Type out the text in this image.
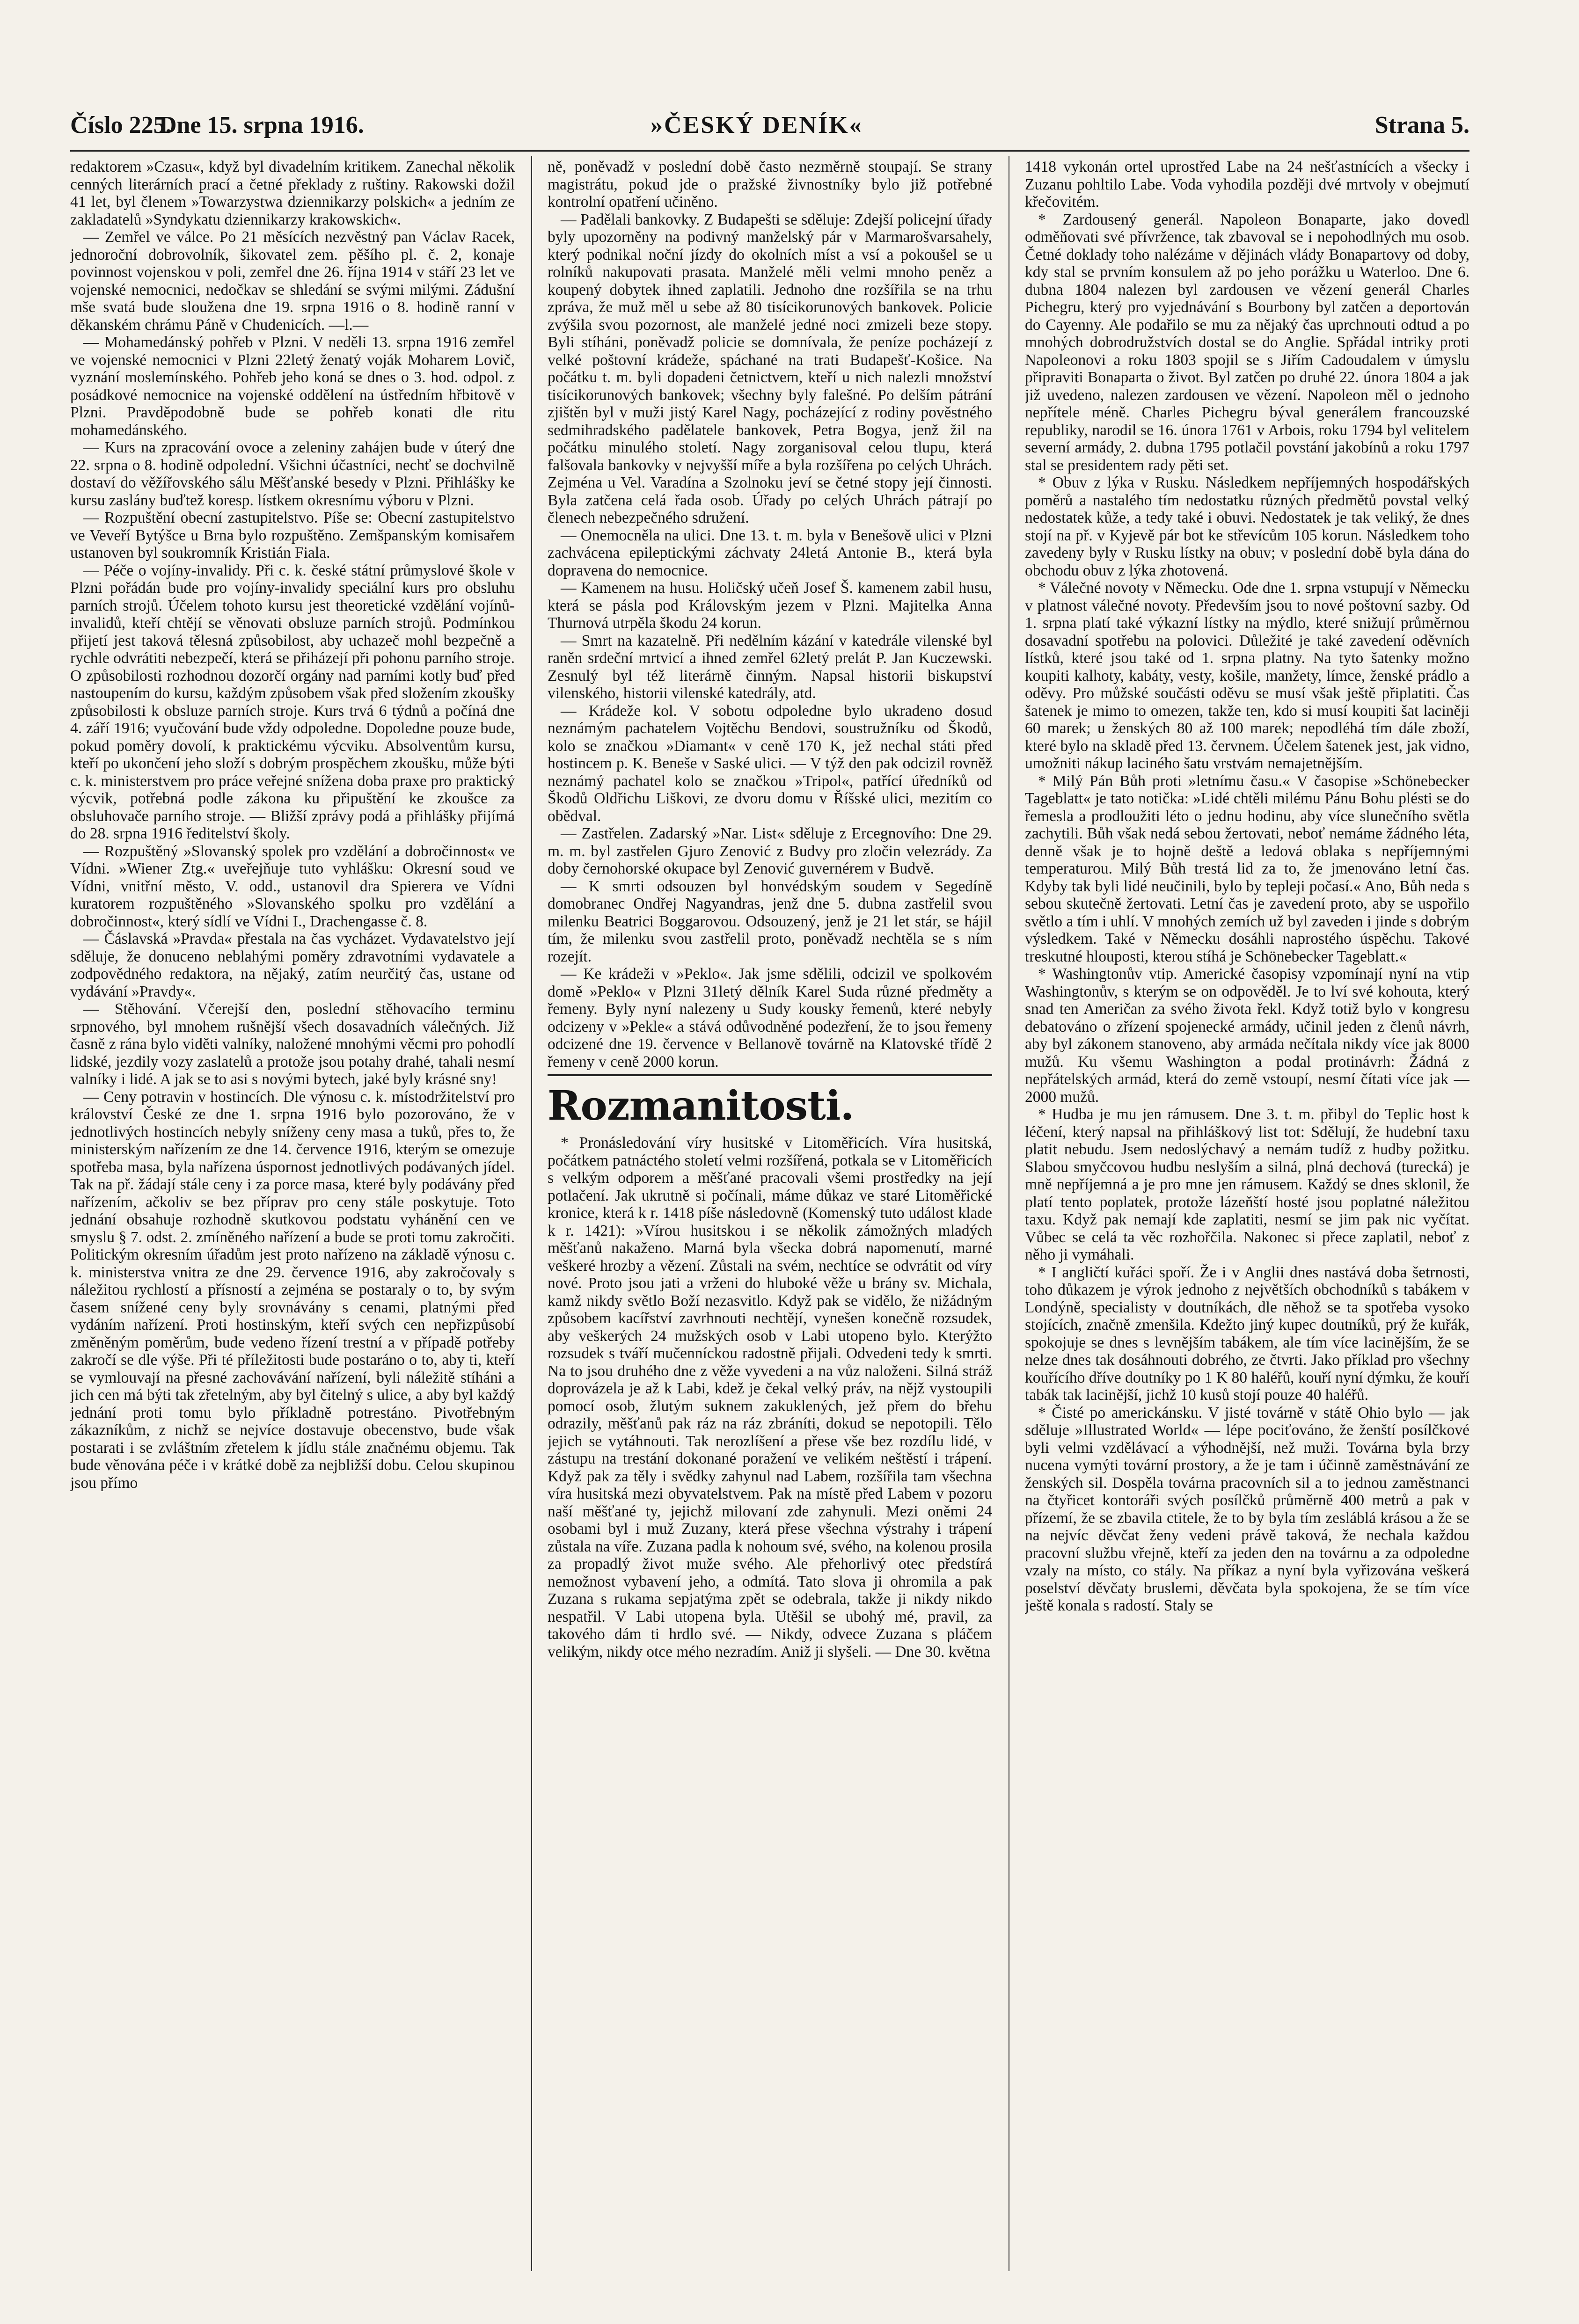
Číslo 225.
Dne 15. srpna 1916.	»ČESKÝ DENÍK«	Strana 5.

redaktorem »Czasu«, když byl divadelním kritikem. Zanechal několik cenných literárních prací a četné překlady z ruštiny. Rakowski dožil 41 let, byl členem »Towarzystwa dziennikarzy polskich« a jedním ze zakladatelů »Syndykatu dziennikarzy krakowskich«.

— Zemřel ve válce. Po 21 měsících nezvěstný pan Václav Racek, jednoroční dobrovolník, šikovatel zem. pěšího pl. č. 2, konaje povinnost vojenskou v poli, zemřel dne 26. října 1914 v stáří 23 let ve vojenské nemocnici, nedočkav se shledání se svými milými. Zádušní mše svatá bude sloužena dne 19. srpna 1916 o 8. hodině ranní v děkanském chrámu Páně v Chudenicích. —l.—

— Mohamedánský pohřeb v Plzni. V neděli 13. srpna 1916 zemřel ve vojenské nemocnici v Plzni 22letý ženatý voják Moharem Lovič, vyznání moslemínského. Pohřeb jeho koná se dnes o 3. hod. odpol. z posádkové nemocnice na vojenské oddělení na ústředním hřbitově v Plzni. Pravděpodobně bude se pohřeb konati dle ritu mohamedánského.

— Kurs na zpracování ovoce a zeleniny zahájen bude v úterý dne 22. srpna o 8. hodině odpolední. Všichni účastníci, nechť se dochvilně dostaví do věžířovského sálu Měšťanské besedy v Plzni. Přihlášky ke kursu zaslány buďtež koresp. lístkem okresnímu výboru v Plzni.

— Rozpuštění obecní zastupitelstvo. Píše se: Obecní zastupitelstvo ve Veveří Bytýšce u Brna bylo rozpuštěno. Zemšpanským komisařem ustanoven byl soukromník Kristián Fiala.

— Péče o vojíny-invalidy. Při c. k. české státní průmyslové škole v Plzni pořádán bude pro vojíny-invalidy speciální kurs pro obsluhu parních strojů. Účelem tohoto kursu jest theoretické vzdělání vojínů-invalidů, kteří chtějí se věnovati obsluze parních strojů. Podmínkou přijetí jest taková tělesná způsobilost, aby uchazeč mohl bezpečně a rychle odvrátiti nebezpečí, která se přiházejí při pohonu parního stroje. O způsobilosti rozhodnou dozorčí orgány nad parními kotly buď před nastoupením do kursu, každým způsobem však před složením zkoušky způsobilosti k obsluze parních stroje. Kurs trvá 6 týdnů a počíná dne 4. září 1916; vyučování bude vždy odpoledne. Dopoledne pouze bude, pokud poměry dovolí, k praktickému výcviku. Absolventům kursu, kteří po ukončení jeho složí s dobrým prospěchem zkoušku, může býti c. k. ministerstvem pro práce veřejné snížena doba praxe pro praktický výcvik, potřebná podle zákona ku připuštění ke zkoušce za obsluhovače parního stroje. — Bližší zprávy podá a přihlášky přijímá do 28. srpna 1916 ředitelství školy.

— Rozpuštěný »Slovanský spolek pro vzdělání a dobročinnost« ve Vídni. »Wiener Ztg.« uveřejňuje tuto vyhlášku: Okresní soud ve Vídni, vnitřní město, V. odd., ustanovil dra Spierera ve Vídni kuratorem rozpuštěného »Slovanského spolku pro vzdělání a dobročinnost«, který sídlí ve Vídni I., Drachengasse č. 8.

— Čáslavská »Pravda« přestala na čas vycházet. Vydavatelstvo její sděluje, že donuceno neblahými poměry zdravotními vydavatele a zodpovědného redaktora, na nějaký, zatím neurčitý čas, ustane od vydávání »Pravdy«.

— Stěhování. Včerejší den, poslední stěhovacího terminu srpnového, byl mnohem rušnější všech dosavadních válečných. Již časně z rána bylo viděti valníky, naložené mnohými věcmi pro pohodlí lidské, jezdily vozy zaslatelů a protože jsou potahy drahé, tahali nesmí valníky i lidé. A jak se to asi s novými bytech, jaké byly krásné sny!

— Ceny potravin v hostincích. Dle výnosu c. k. místodržitelství pro království České ze dne 1. srpna 1916 bylo pozorováno, že v jednotlivých hostincích nebyly sníženy ceny masa a tuků, přes to, že ministerským nařízením ze dne 14. července 1916, kterým se omezuje spotřeba masa, byla nařízena úspornost jednotlivých podávaných jídel. Tak na př. žádají stále ceny i za porce masa, které byly podávány před nařízením, ačkoliv se bez příprav pro ceny stále poskytuje. Toto jednání obsahuje rozhodně skutkovou podstatu vyhánění cen ve smyslu § 7. odst. 2. zmíněného nařízení a bude se proti tomu zakročiti. Politickým okresním úřadům jest proto nařízeno na základě výnosu c. k. ministerstva vnitra ze dne 29. července 1916, aby zakročovaly s náležitou rychlostí a přísností a zejména se postaraly o to, by svým časem snížené ceny byly srovnávány s cenami, platnými před vydáním nařízení. Proti hostinským, kteří svých cen nepřizpůsobí změněným poměrům, bude vedeno řízení trestní a v případě potřeby zakročí se dle výše. Při té příležitosti bude postaráno o to, aby ti, kteří se vymlouvají na přesné zachovávání nařízení, byli náležitě stíháni a jich cen má býti tak zřetelným, aby byl čitelný s ulice, a aby byl každý jednání proti tomu bylo příkladně potrestáno. Pivotřebným zákazníkům, z nichž se nejvíce dostavuje obecenstvo, bude však postarati i se zvláštním zřetelem k jídlu stále značnému objemu. Tak bude věnována péče i v krátké době za nejbližší dobu. Celou skupinou jsou přímo

ně, poněvadž v poslední době často nezměrně stoupají. Se strany magistrátu, pokud jde o pražské živnostníky bylo již potřebné kontrolní opatření učiněno.

— Padělali bankovky. Z Budapešti se sděluje: Zdejší policejní úřady byly upozorněny na podivný manželský pár v Marmarošvarsahely, který podnikal noční jízdy do okolních míst a vsí a pokoušel se u rolníků nakupovati prasata. Manželé měli velmi mnoho peněz a koupený dobytek ihned zaplatili. Jednoho dne rozšířila se na trhu zpráva, že muž měl u sebe až 80 tisícikorunových bankovek. Policie zvýšila svou pozornost, ale manželé jedné noci zmizeli beze stopy. Byli stíháni, poněvadž policie se domnívala, že peníze pocházejí z velké poštovní krádeže, spáchané na trati Budapešť-Košice. Na počátku t. m. byli dopadeni četnictvem, kteří u nich nalezli množství tisícikorunových bankovek; všechny byly falešné. Po delším pátrání zjištěn byl v muži jistý Karel Nagy, pocházející z rodiny pověstného sedmihradského padělatele bankovek, Petra Bogya, jenž žil na počátku minulého století. Nagy zorganisoval celou tlupu, která falšovala bankovky v nejvyšší míře a byla rozšířena po celých Uhrách. Zejména u Vel. Varadína a Szolnoku jeví se četné stopy její činnosti. Byla zatčena celá řada osob. Úřady po celých Uhrách pátrají po členech nebezpečného sdružení.

— Onemocněla na ulici. Dne 13. t. m. byla v Benešově ulici v Plzni zachvácena epileptickými záchvaty 24letá Antonie B., která byla dopravena do nemocnice.

— Kamenem na husu. Holičský učeň Josef Š. kamenem zabil husu, která se pásla pod Královským jezem v Plzni. Majitelka Anna Thurnová utrpěla škodu 24 korun.

— Smrt na kazatelně. Při nedělním kázání v katedrále vilenské byl raněn srdeční mrtvicí a ihned zemřel 62letý prelát P. Jan Kuczewski. Zesnulý byl též literárně činným. Napsal historii biskupství vilenského, historii vilenské katedrály, atd.

— Krádeže kol. V sobotu odpoledne bylo ukradeno dosud neznámým pachatelem Vojtěchu Bendovi, soustružníku od Škodů, kolo se značkou »Diamant« v ceně 170 K, jež nechal státi před hostincem p. K. Beneše v Saské ulici. — V týž den pak odcizil rovněž neznámý pachatel kolo se značkou »Tripol«, patřící úředníků od Škodů Oldřichu Liškovi, ze dvoru domu v Říšské ulici, mezitím co obědval.

— Zastřelen. Zadarský »Nar. List« sděluje z Ercegnovího: Dne 29. m. m. byl zastřelen Gjuro Zenović z Budvy pro zločin velezrády. Za doby černohorské okupace byl Zenović guvernérem v Budvě.

— K smrti odsouzen byl honvédským soudem v Segedíně domobranec Ondřej Nagyandras, jenž dne 5. dubna zastřelil svou milenku Beatrici Boggarovou. Odsouzený, jenž je 21 let stár, se hájil tím, že milenku svou zastřelil proto, poněvadž nechtěla se s ním rozejít.

— Ke krádeži v »Peklo«. Jak jsme sdělili, odcizil ve spolkovém domě »Peklo« v Plzni 31letý dělník Karel Suda různé předměty a řemeny. Byly nyní nalezeny u Sudy kousky řemenů, které nebyly odcizeny v »Pekle« a stává odůvodněné podezření, že to jsou řemeny odcizené dne 19. července v Bellanově továrně na Klatovské třídě 2 řemeny v ceně 2000 korun.

Rozmanitosti.

* Pronásledování víry husitské v Litoměřicích. Víra husitská, počátkem patnáctého století velmi rozšířená, potkala se v Litoměřicích s velkým odporem a měšťané pracovali všemi prostředky na její potlačení. Jak ukrutně si počínali, máme důkaz ve staré Litoměřické kronice, která k r. 1418 píše následovně (Komenský tuto událost klade k r. 1421): »Vírou husitskou i se několik zámožných mladých měšťanů nakaženo. Marná byla všecka dobrá napomenutí, marné veškeré hrozby a vězení. Zůstali na svém, nechtíce se odvrátit od víry nové. Proto jsou jati a vrženi do hluboké věže u brány sv. Michala, kamž nikdy světlo Boží nezasvitlo. Když pak se vidělo, že nižádným způsobem kacířství zavrhnouti nechtějí, vynešen konečně rozsudek, aby veškerých 24 mužských osob v Labi utopeno bylo. Kterýžto rozsudek s tváří mučenníckou radostně přijali. Odvedeni tedy k smrti. Na to jsou druhého dne z věže vyvedeni a na vůz naloženi. Silná stráž doprovázela je až k Labi, kdež je čekal velký práv, na nějž vystoupili pomocí osob, žlutým suknem zakuklených, jež přem do břehu odrazily, měšťanů pak ráz na ráz zbráníti, dokud se nepotopili. Tělo jejich se vytáhnouti. Tak nerozlíšení a přese vše bez rozdílu lidé, v zástupu na trestání dokonané poražení ve velikém neštěstí i trápení. Když pak za těly i svědky zahynul nad Labem, rozšířila tam všechna víra husitská mezi obyvatelstvem. Pak na místě před Labem v pozoru naší měšťané ty, jejichž milovaní zde zahynuli. Mezi oněmi 24 osobami byl i muž Zuzany, která přese všechna výstrahy i trápení zůstala na víře. Zuzana padla k nohoum své, svého, na kolenou prosila za propadlý život muže svého. Ale přehorlivý otec předstírá nemožnost vybavení jeho, a odmítá. Tato slova ji ohromila a pak Zuzana s rukama sepjatýma zpět se odebrala, takže ji nikdy nikdo nespatřil. V Labi utopena byla. Utěšil se ubohý mé, pravil, za takového dám ti hrdlo své. — Nikdy, odvece Zuzana s pláčem velikým, nikdy otce mého nezradím. Aniž ji slyšeli. — Dne 30. května

1418 vykonán ortel uprostřed Labe na 24 nešťastnících a všecky i Zuzanu pohltilo Labe. Voda vyhodila později dvé mrtvoly v obejmutí křečovitém.

* Zardousený generál. Napoleon Bonaparte, jako dovedl odměňovati své přívržence, tak zbavoval se i nepohodlných mu osob. Četné doklady toho nalézáme v dějinách vlády Bonapartovy od doby, kdy stal se prvním konsulem až po jeho porážku u Waterloo. Dne 6. dubna 1804 nalezen byl zardousen ve vězení generál Charles Pichegru, který pro vyjednávání s Bourbony byl zatčen a deportován do Cayenny. Ale podařilo se mu za nějaký čas uprchnouti odtud a po mnohých dobrodružstvích dostal se do Anglie. Spřádal intriky proti Napoleonovi a roku 1803 spojil se s Jiřím Cadoudalem v úmyslu připraviti Bonaparta o život. Byl zatčen po druhé 22. února 1804 a jak již uvedeno, nalezen zardousen ve vězení. Napoleon měl o jednoho nepřítele méně. Charles Pichegru býval generálem francouzské republiky, narodil se 16. února 1761 v Arbois, roku 1794 byl velitelem severní armády, 2. dubna 1795 potlačil povstání jakobínů a roku 1797 stal se presidentem rady pěti set.

* Obuv z lýka v Rusku. Následkem nepříjemných hospodářských poměrů a nastalého tím nedostatku různých předmětů povstal velký nedostatek kůže, a tedy také i obuvi. Nedostatek je tak veliký, že dnes stojí na př. v Kyjevě pár bot ke střevícům 105 korun. Následkem toho zavedeny byly v Rusku lístky na obuv; v poslední době byla dána do obchodu obuv z lýka zhotovená.

* Válečné novoty v Německu. Ode dne 1. srpna vstupují v Německu v platnost válečné novoty. Především jsou to nové poštovní sazby. Od 1. srpna platí také výkazní lístky na mýdlo, které snižují průměrnou dosavadní spotřebu na polovici. Důležité je také zavedení oděvních lístků, které jsou také od 1. srpna platny. Na tyto šatenky možno koupiti kalhoty, kabáty, vesty, košile, manžety, límce, ženské prádlo a oděvy. Pro můžské součásti oděvu se musí však ještě připlatiti. Čas šatenek je mimo to omezen, takže ten, kdo si musí koupiti šat laciněji 60 marek; u ženských 80 až 100 marek; nepodléhá tím dále zboží, které bylo na skladě před 13. červnem. Účelem šatenek jest, jak vidno, umožniti nákup laciného šatu vrstvám nemajetnějším.

* Milý Pán Bůh proti »letnímu času.« V časopise »Schönebecker Tageblatt« je tato notička: »Lidé chtěli milému Pánu Bohu plésti se do řemesla a prodloužiti léto o jednu hodinu, aby více slunečního světla zachytili. Bůh však nedá sebou žertovati, neboť nemáme žádného léta, denně však je to hojně deště a ledová oblaka s nepříjemnými temperaturou. Milý Bůh trestá lid za to, že jmenováno letní čas. Kdyby tak byli lidé neučinili, bylo by tepleji počasí.« Ano, Bůh neda s sebou skutečně žertovati. Letní čas je zavedení proto, aby se uspořilo světlo a tím i uhlí. V mnohých zemích už byl zaveden i jinde s dobrým výsledkem. Také v Německu dosáhli naprostého úspěchu. Takové treskutné hlouposti, kterou stíhá je Schönebecker Tageblatt.«

* Washingtonův vtip. Americké časopisy vzpomínají nyní na vtip Washingtonův, s kterým se on odpověděl. Je to lví své kohouta, který snad ten Američan za svého života řekl. Když totiž bylo v kongresu debatováno o zřízení spojenecké armády, učinil jeden z členů návrh, aby byl zákonem stanoveno, aby armáda nečítala nikdy více jak 8000 mužů. Ku všemu Washington a podal protinávrh: Žádná z nepřátelských armád, která do země vstoupí, nesmí čítati více jak — 2000 mužů.

* Hudba je mu jen rámusem. Dne 3. t. m. přibyl do Teplic host k léčení, který napsal na přihláškový list tot: Sdělují, že hudební taxu platit nebudu. Jsem nedoslýchavý a nemám tudíž z hudby požitku. Slabou smyčcovou hudbu neslyším a silná, plná dechová (turecká) je mně nepříjemná a je pro mne jen rámusem. Každý se dnes sklonil, že platí tento poplatek, protože lázeňští hosté jsou poplatné náležitou taxu. Když pak nemají kde zaplatiti, nesmí se jim pak nic vyčítat. Vůbec se celá ta věc rozhořčila. Nakonec si přece zaplatil, neboť z něho ji vymáhali.

* I angličtí kuřáci spoří. Že i v Anglii dnes nastává doba šetrnosti, toho důkazem je výrok jednoho z největších obchodníků s tabákem v Londýně, specialisty v doutníkách, dle něhož se ta spotřeba vysoko stojících, značně zmenšila. Kdežto jiný kupec doutníků, prý že kuřák, spokojuje se dnes s levnějším tabákem, ale tím více lacinějším, že se nelze dnes tak dosáhnouti dobrého, ze čtvrti. Jako příklad pro všechny kouřícího dříve doutníky po 1 K 80 haléřů, kouří nyní dýmku, že kouří tabák tak lacinější, jichž 10 kusů stojí pouze 40 haléřů.

* Čisté po americkánsku. V jisté továrně v státě Ohio bylo — jak sděluje »Illustrated World« — lépe pociťováno, že ženští posílčkové byli velmi vzdělávací a výhodnější, než muži. Továrna byla brzy nucena vymýti tovární prostory, a že je tam i účinně zaměstnávání ze ženských sil. Dospěla továrna pracovních sil a to jednou zaměstnanci na čtyřicet kontoráři svých posílčků průměrně 400 metrů a pak v přízemí, že se zbavila ctitele, že to by byla tím zesláblá krásou a že se na nejvíc děvčat ženy vedeni právě taková, že nechala každou pracovní službu vřejně, kteří za jeden den na továrnu a za odpoledne vzaly na místo, co stály. Na příkaz a nyní byla vyřizována veškerá poselství děvčaty bruslemi, děvčata byla spokojena, že se tím více ještě konala s radostí. Staly se
